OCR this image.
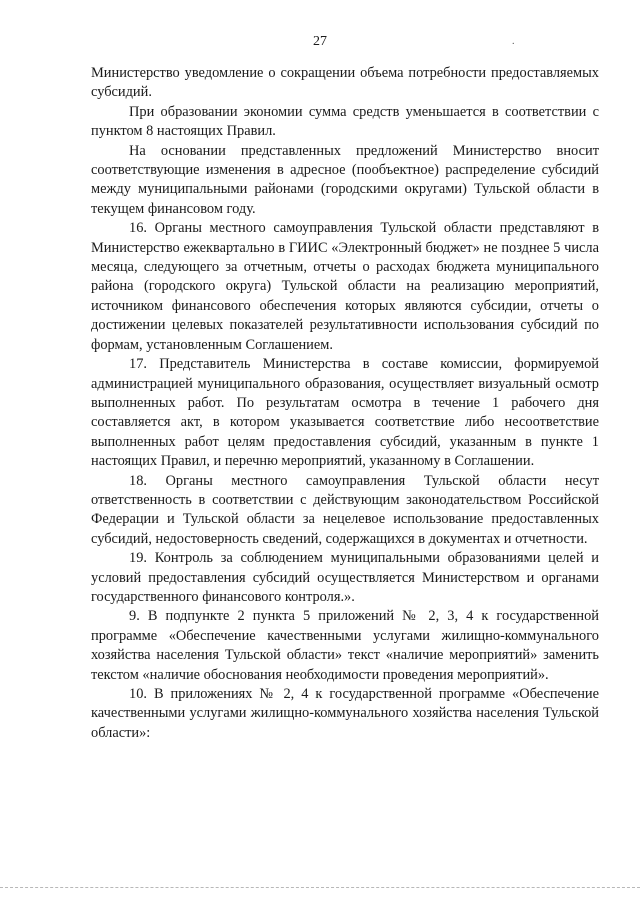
27	.

Министерство уведомление о сокращении объема потребности предоставляемых субсидий.

При образовании экономии сумма средств уменьшается в соответствии с пунктом 8 настоящих Правил.

На основании представленных предложений Министерство вносит соответствующие изменения в адресное (пообъектное) распределение субсидий между муниципальными районами (городскими округами) Тульской области в текущем финансовом году.

16. Органы местного самоуправления Тульской области представляют в Министерство ежеквартально в ГИИС «Электронный бюджет» не позднее 5 числа месяца, следующего за отчетным, отчеты о расходах бюджета муниципального района (городского округа) Тульской области на реализацию мероприятий, источником финансового обеспечения которых являются субсидии, отчеты о достижении целевых показателей результативности использования субсидий по формам, установленным Соглашением.

17. Представитель Министерства в составе комиссии, формируемой администрацией муниципального образования, осуществляет визуальный осмотр выполненных работ. По результатам осмотра в течение 1 рабочего дня составляется акт, в котором указывается соответствие либо несоответствие выполненных работ целям предоставления субсидий, указанным в пункте 1 настоящих Правил, и перечню мероприятий, указанному в Соглашении.

18. Органы местного самоуправления Тульской области несут ответственность в соответствии с действующим законодательством Российской Федерации и Тульской области за нецелевое использование предоставленных субсидий, недостоверность сведений, содержащихся в документах и отчетности.

19. Контроль за соблюдением муниципальными образованиями целей и условий предоставления субсидий осуществляется Министерством и органами государственного финансового контроля.».

9. В подпункте 2 пункта 5 приложений № 2, 3, 4 к государственной программе «Обеспечение качественными услугами жилищно-коммунального хозяйства населения Тульской области» текст «наличие мероприятий» заменить текстом «наличие обоснования необходимости проведения мероприятий».

10. В приложениях № 2, 4 к государственной программе «Обеспечение качественными услугами жилищно-коммунального хозяйства населения Тульской области»:
